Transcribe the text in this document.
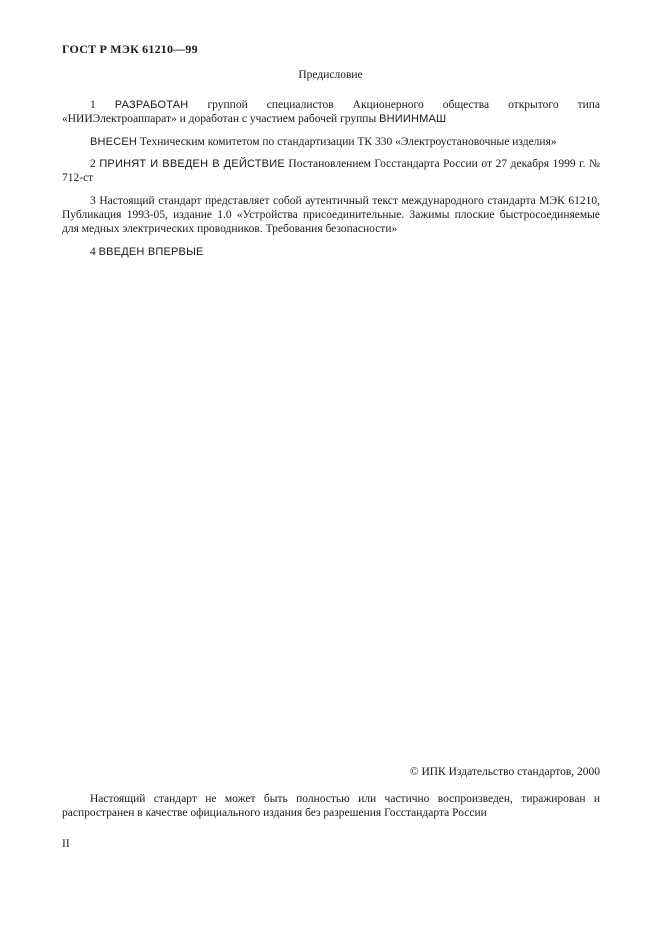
ГОСТ Р МЭК 61210—99
Предисловие
1 РАЗРАБОТАН группой специалистов Акционерного общества открытого типа «НИИЭлектроаппарат» и доработан с участием рабочей группы ВНИИНМАШ
ВНЕСЕН Техническим комитетом по стандартизации ТК 330 «Электроустановочные изделия»
2 ПРИНЯТ И ВВЕДЕН В ДЕЙСТВИЕ Постановлением Госстандарта России от 27 декабря 1999 г. № 712-ст
3 Настоящий стандарт представляет собой аутентичный текст международного стандарта МЭК 61210, Публикация 1993-05, издание 1.0 «Устройства присоединительные. Зажимы плоские быстросоединяемые для медных электрических проводников. Требования безопасности»
4 ВВЕДЕН ВПЕРВЫЕ
© ИПК Издательство стандартов, 2000
Настоящий стандарт не может быть полностью или частично воспроизведен, тиражирован и распространен в качестве официального издания без разрешения Госстандарта России
II
